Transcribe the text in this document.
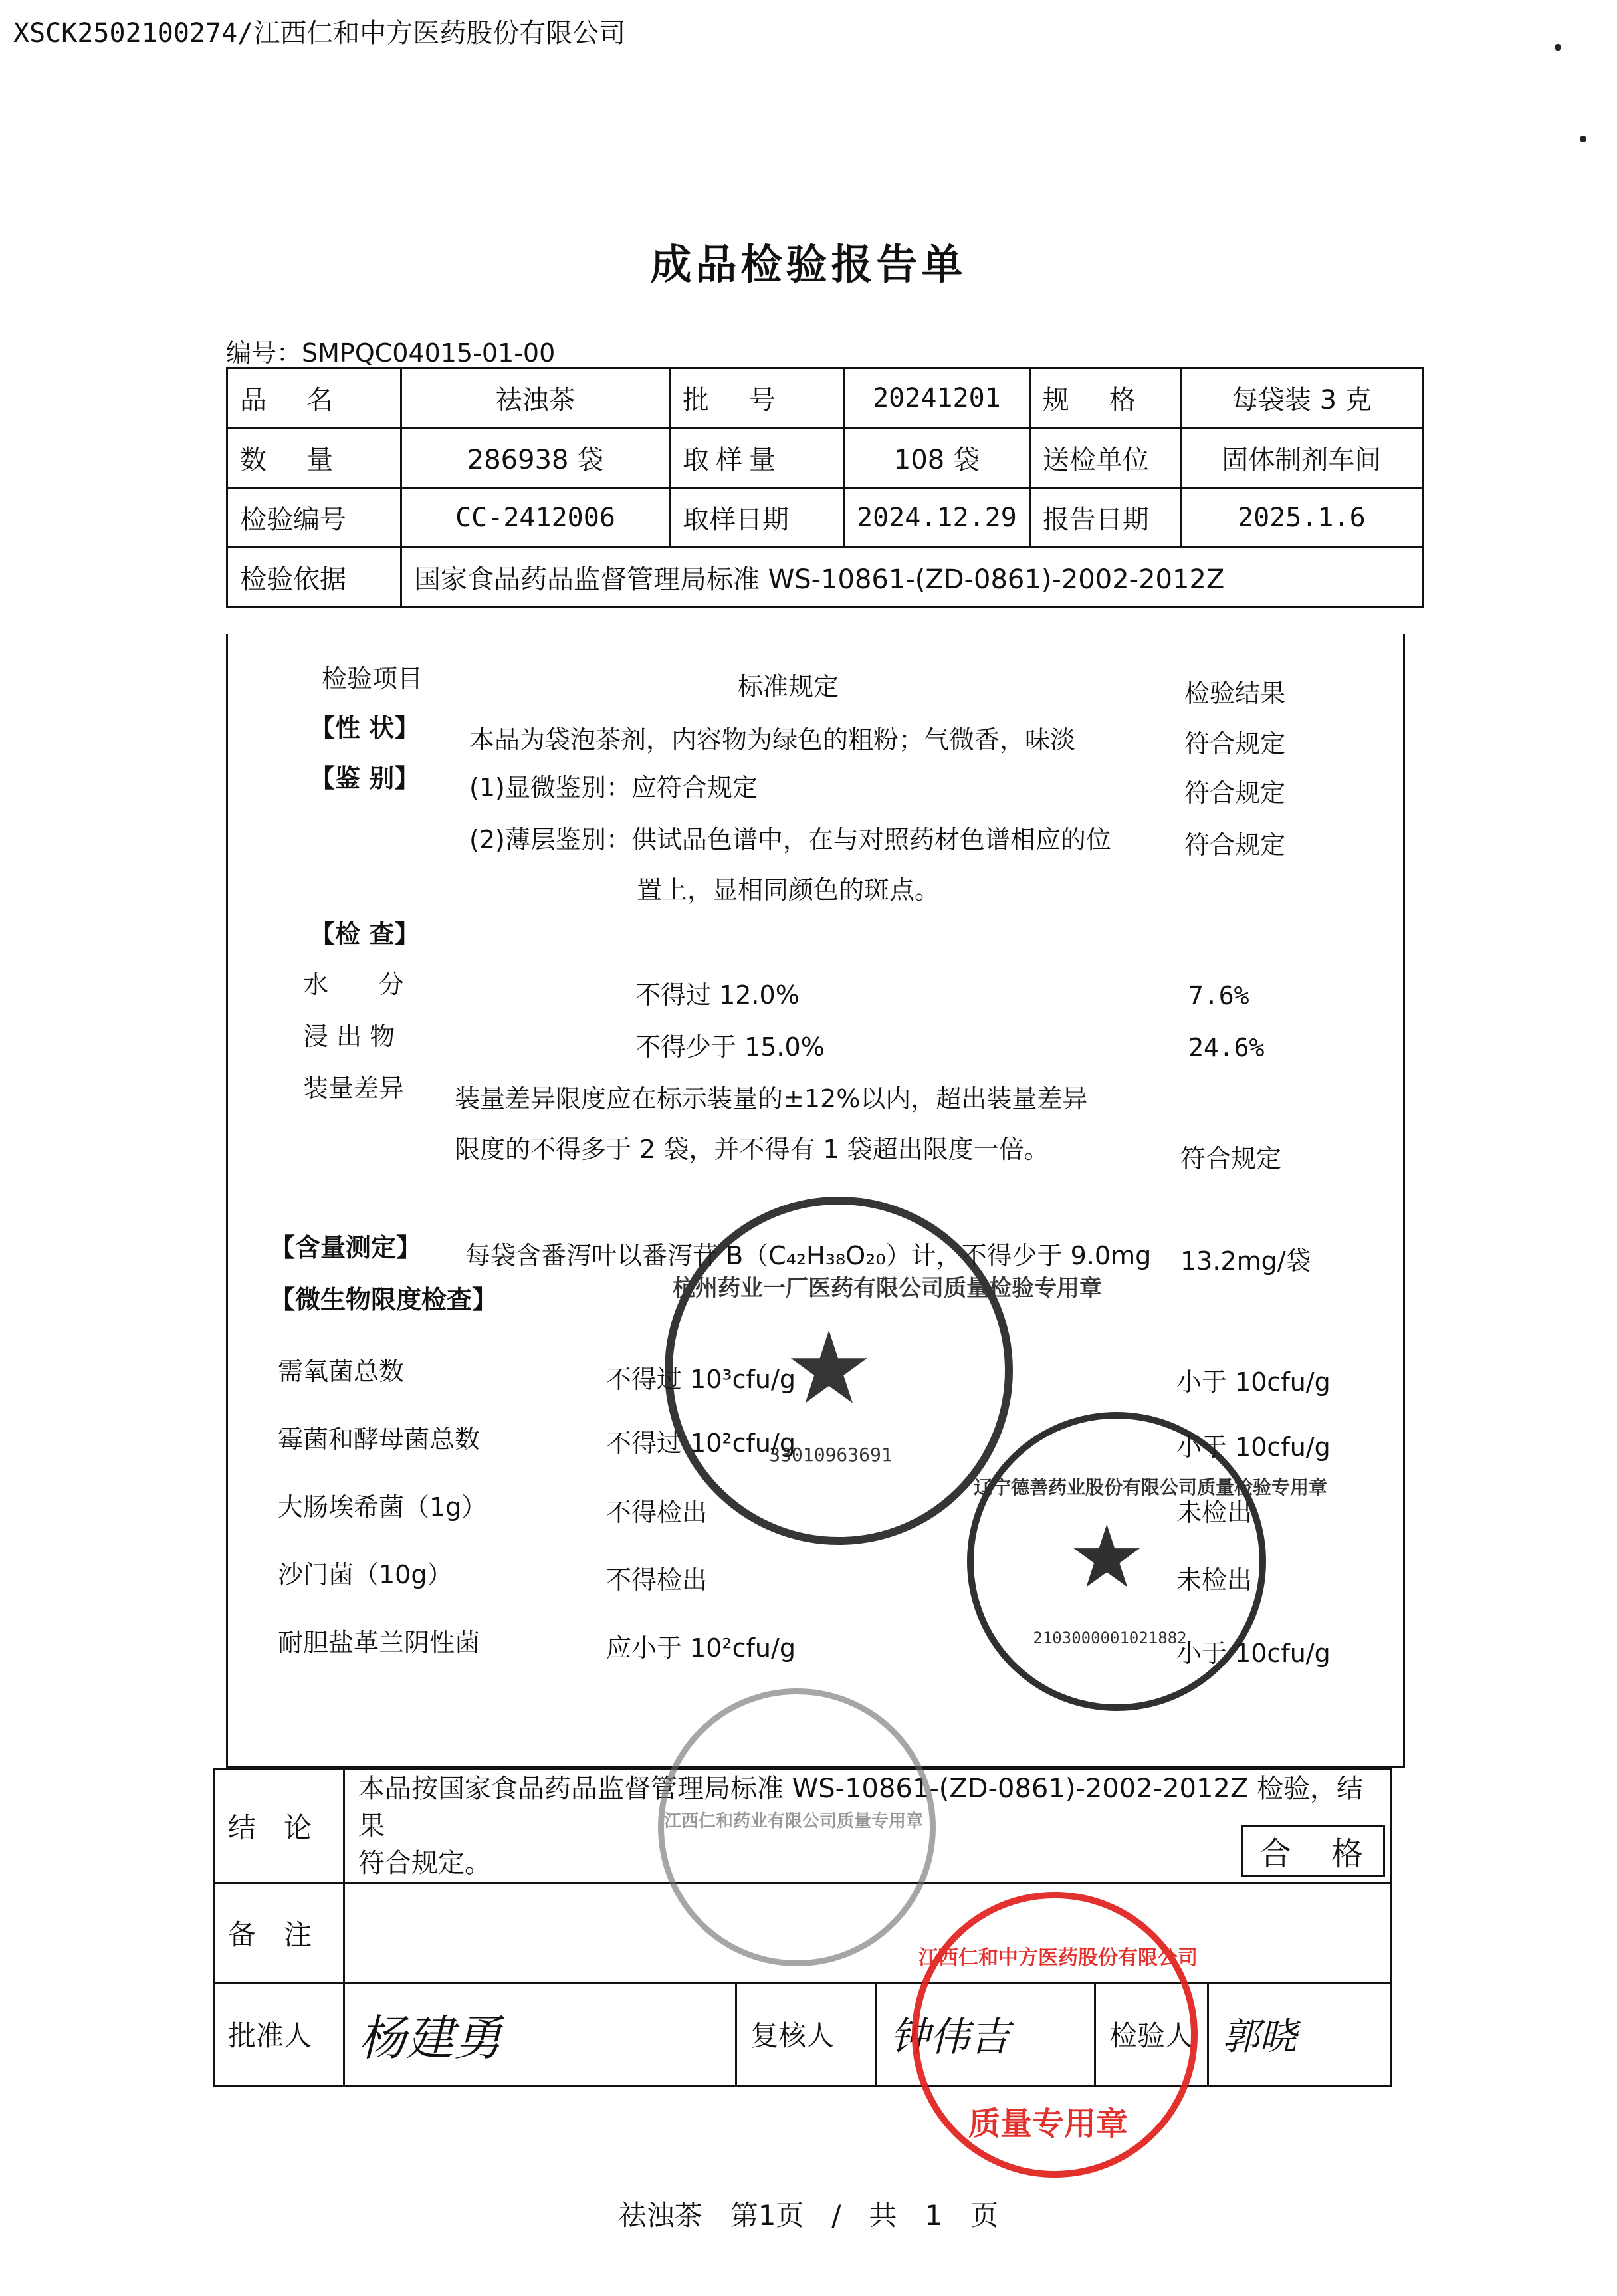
XSCK2502100274/江西仁和中方医药股份有限公司
成品检验报告单
编号：SMPQC04015-01-00
品　名	祛浊茶	批　号	20241201	规　格	每袋装 3 克
数　量	286938 袋	取样量	108 袋	送检单位	固体制剂车间
检验编号	CC-2412006	取样日期	2024.12.29	报告日期	2025.1.6
检验依据	国家食品药品监督管理局标准 WS-10861-(ZD-0861)-2002-2012Z				
检验项目	标准规定	检验结果
【性 状】 本品为袋泡茶剂，内容物为绿色的粗粉；气微香，味淡	符合规定
【鉴 别】 (1)显微鉴别：应符合规定	符合规定
(2)薄层鉴别：供试品色谱中，在与对照药材色谱相应的位	符合规定
置上，显相同颜色的斑点。
【检 查】
水　　分	不得过 12.0%	7.6%
浸 出 物	不得少于 15.0%	24.6%
装量差异 装量差异限度应在标示装量的±12%以内，超出装量差异
限度的不得多于 2 袋，并不得有 1 袋超出限度一倍。	符合规定
【含量测定】 每袋含番泻叶以番泻苷 B（C₄₂H₃₈O₂₀）计，不得少于 9.0mg 13.2mg/袋
【微生物限度检查】
需氧菌总数	不得过 10³cfu/g	小于 10cfu/g
霉菌和酵母菌总数	不得过 10²cfu/g	小于 10cfu/g
大肠埃希菌（1g）	不得检出	未检出
沙门菌（10g）	不得检出	未检出
耐胆盐革兰阴性菌	应小于 10²cfu/g	小于 10cfu/g
结　论	本品按国家食品药品监督管理局标准 WS-10861-(ZD-0861)-2002-2012Z 检验，结果
符合规定。 合　格				

备　注					
批准人	杨建勇	复核人	钟伟吉	检验人	郭晓
杭州药业一厂医药有限公司质量检验专用章
★
33010963691
辽宁德善药业股份有限公司质量检验专用章
★
2103000001021882
江西仁和药业有限公司质量专用章
江西仁和中方医药股份有限公司
质量专用章
祛浊茶　第1页　/　共　1　页
